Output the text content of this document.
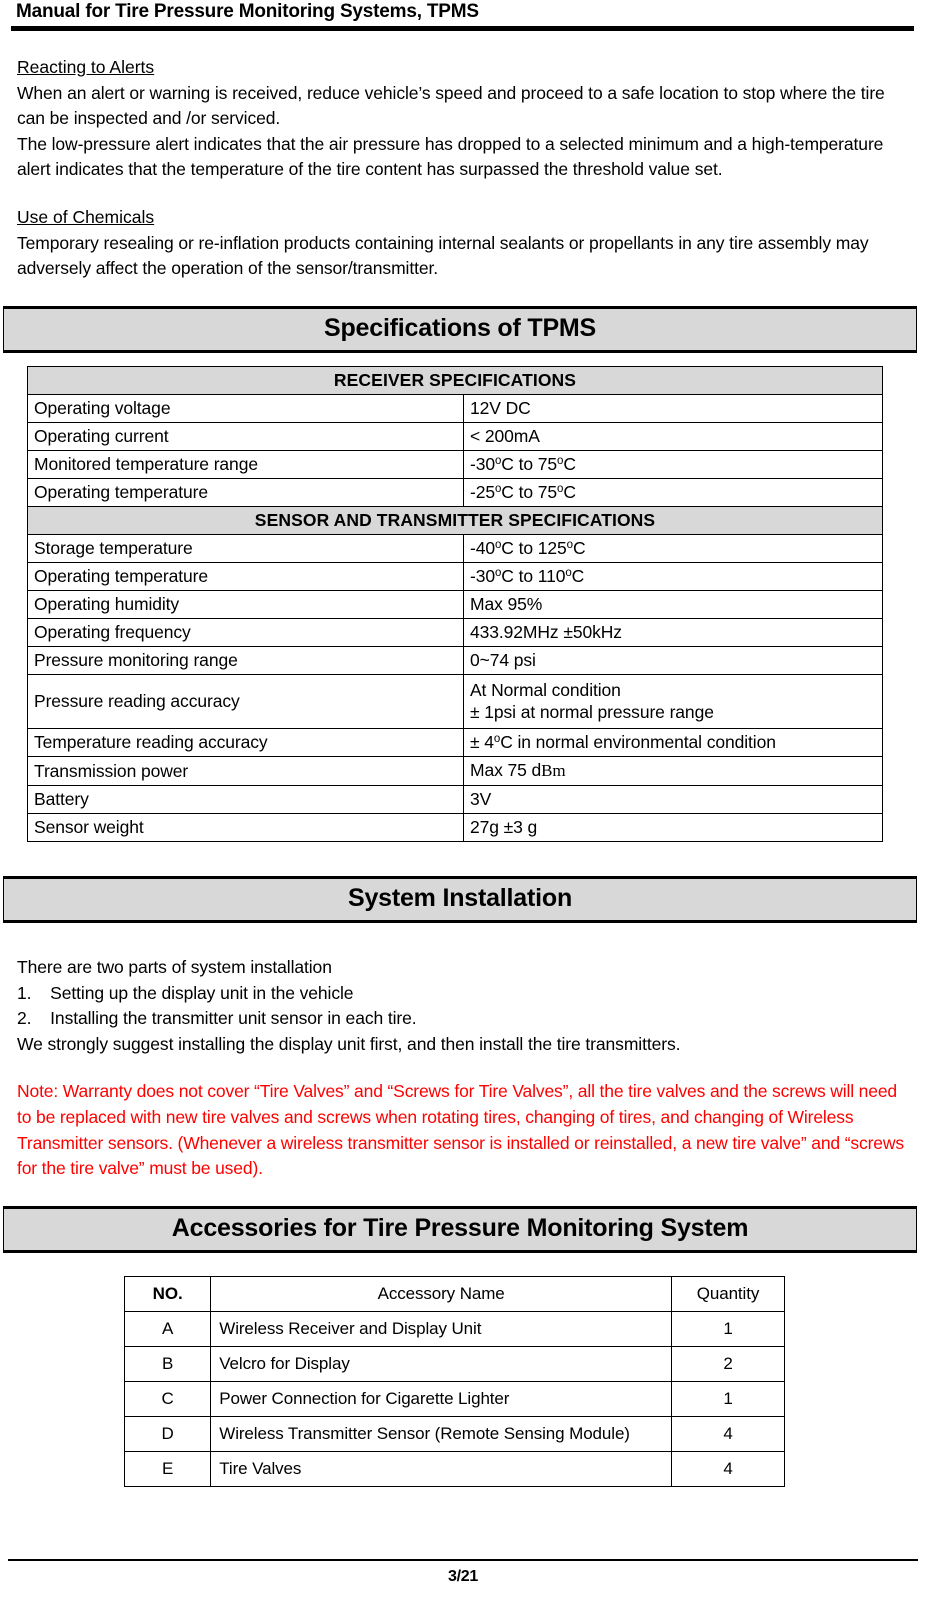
Manual for Tire Pressure Monitoring Systems, TPMS
Reacting to Alerts
When an alert or warning is received, reduce vehicle’s speed and proceed to a safe location to stop where the tire can be inspected and /or serviced.
The low-pressure alert indicates that the air pressure has dropped to a selected minimum and a high-temperature alert indicates that the temperature of the tire content has surpassed the threshold value set.
Use of Chemicals
Temporary resealing or re-inflation products containing internal sealants or propellants in any tire assembly may adversely affect the operation of the sensor/transmitter.
Specifications of TPMS
RECEIVER SPECIFICATIONS	
Operating voltage	12V DC
Operating current	< 200mA
Monitored temperature range	-30$^o$C to 75$^o$C
Operating temperature	-25$^o$C to 75$^o$C
SENSOR AND TRANSMITTER SPECIFICATIONS	
Storage temperature	-40$^o$C to 125$^o$C
Operating temperature	-30$^o$C to 110$^o$C
Operating humidity	Max 95%
Operating frequency	433.92MHz ±50kHz
Pressure monitoring range	0~74 psi
Pressure reading accuracy	At Normal condition
± 1psi at normal pressure range

Temperature reading accuracy	± $4^oC$ in normal environmental condition
Transmission power	Max 75 dBm
Battery	3V
Sensor weight	27g ±3 g
System Installation
There are two parts of system installation
1. Setting up the display unit in the vehicle
2. Installing the transmitter unit sensor in each tire.
We strongly suggest installing the display unit first, and then install the tire transmitters.
Note: Warranty does not cover “Tire Valves” and “Screws for Tire Valves”, all the tire valves and the screws will need to be replaced with new tire valves and screws when rotating tires, changing of tires, and changing of Wireless Transmitter sensors. (Whenever a wireless transmitter sensor is installed or reinstalled, a new tire valve” and “screws for the tire valve” must be used).
Accessories for Tire Pressure Monitoring System
NO.	Accessory Name	Quantity
A	Wireless Receiver and Display Unit	1
B	Velcro for Display	2
C	Power Connection for Cigarette Lighter	1
D	Wireless Transmitter Sensor (Remote Sensing Module)	4
E	Tire Valves	4
3/21
